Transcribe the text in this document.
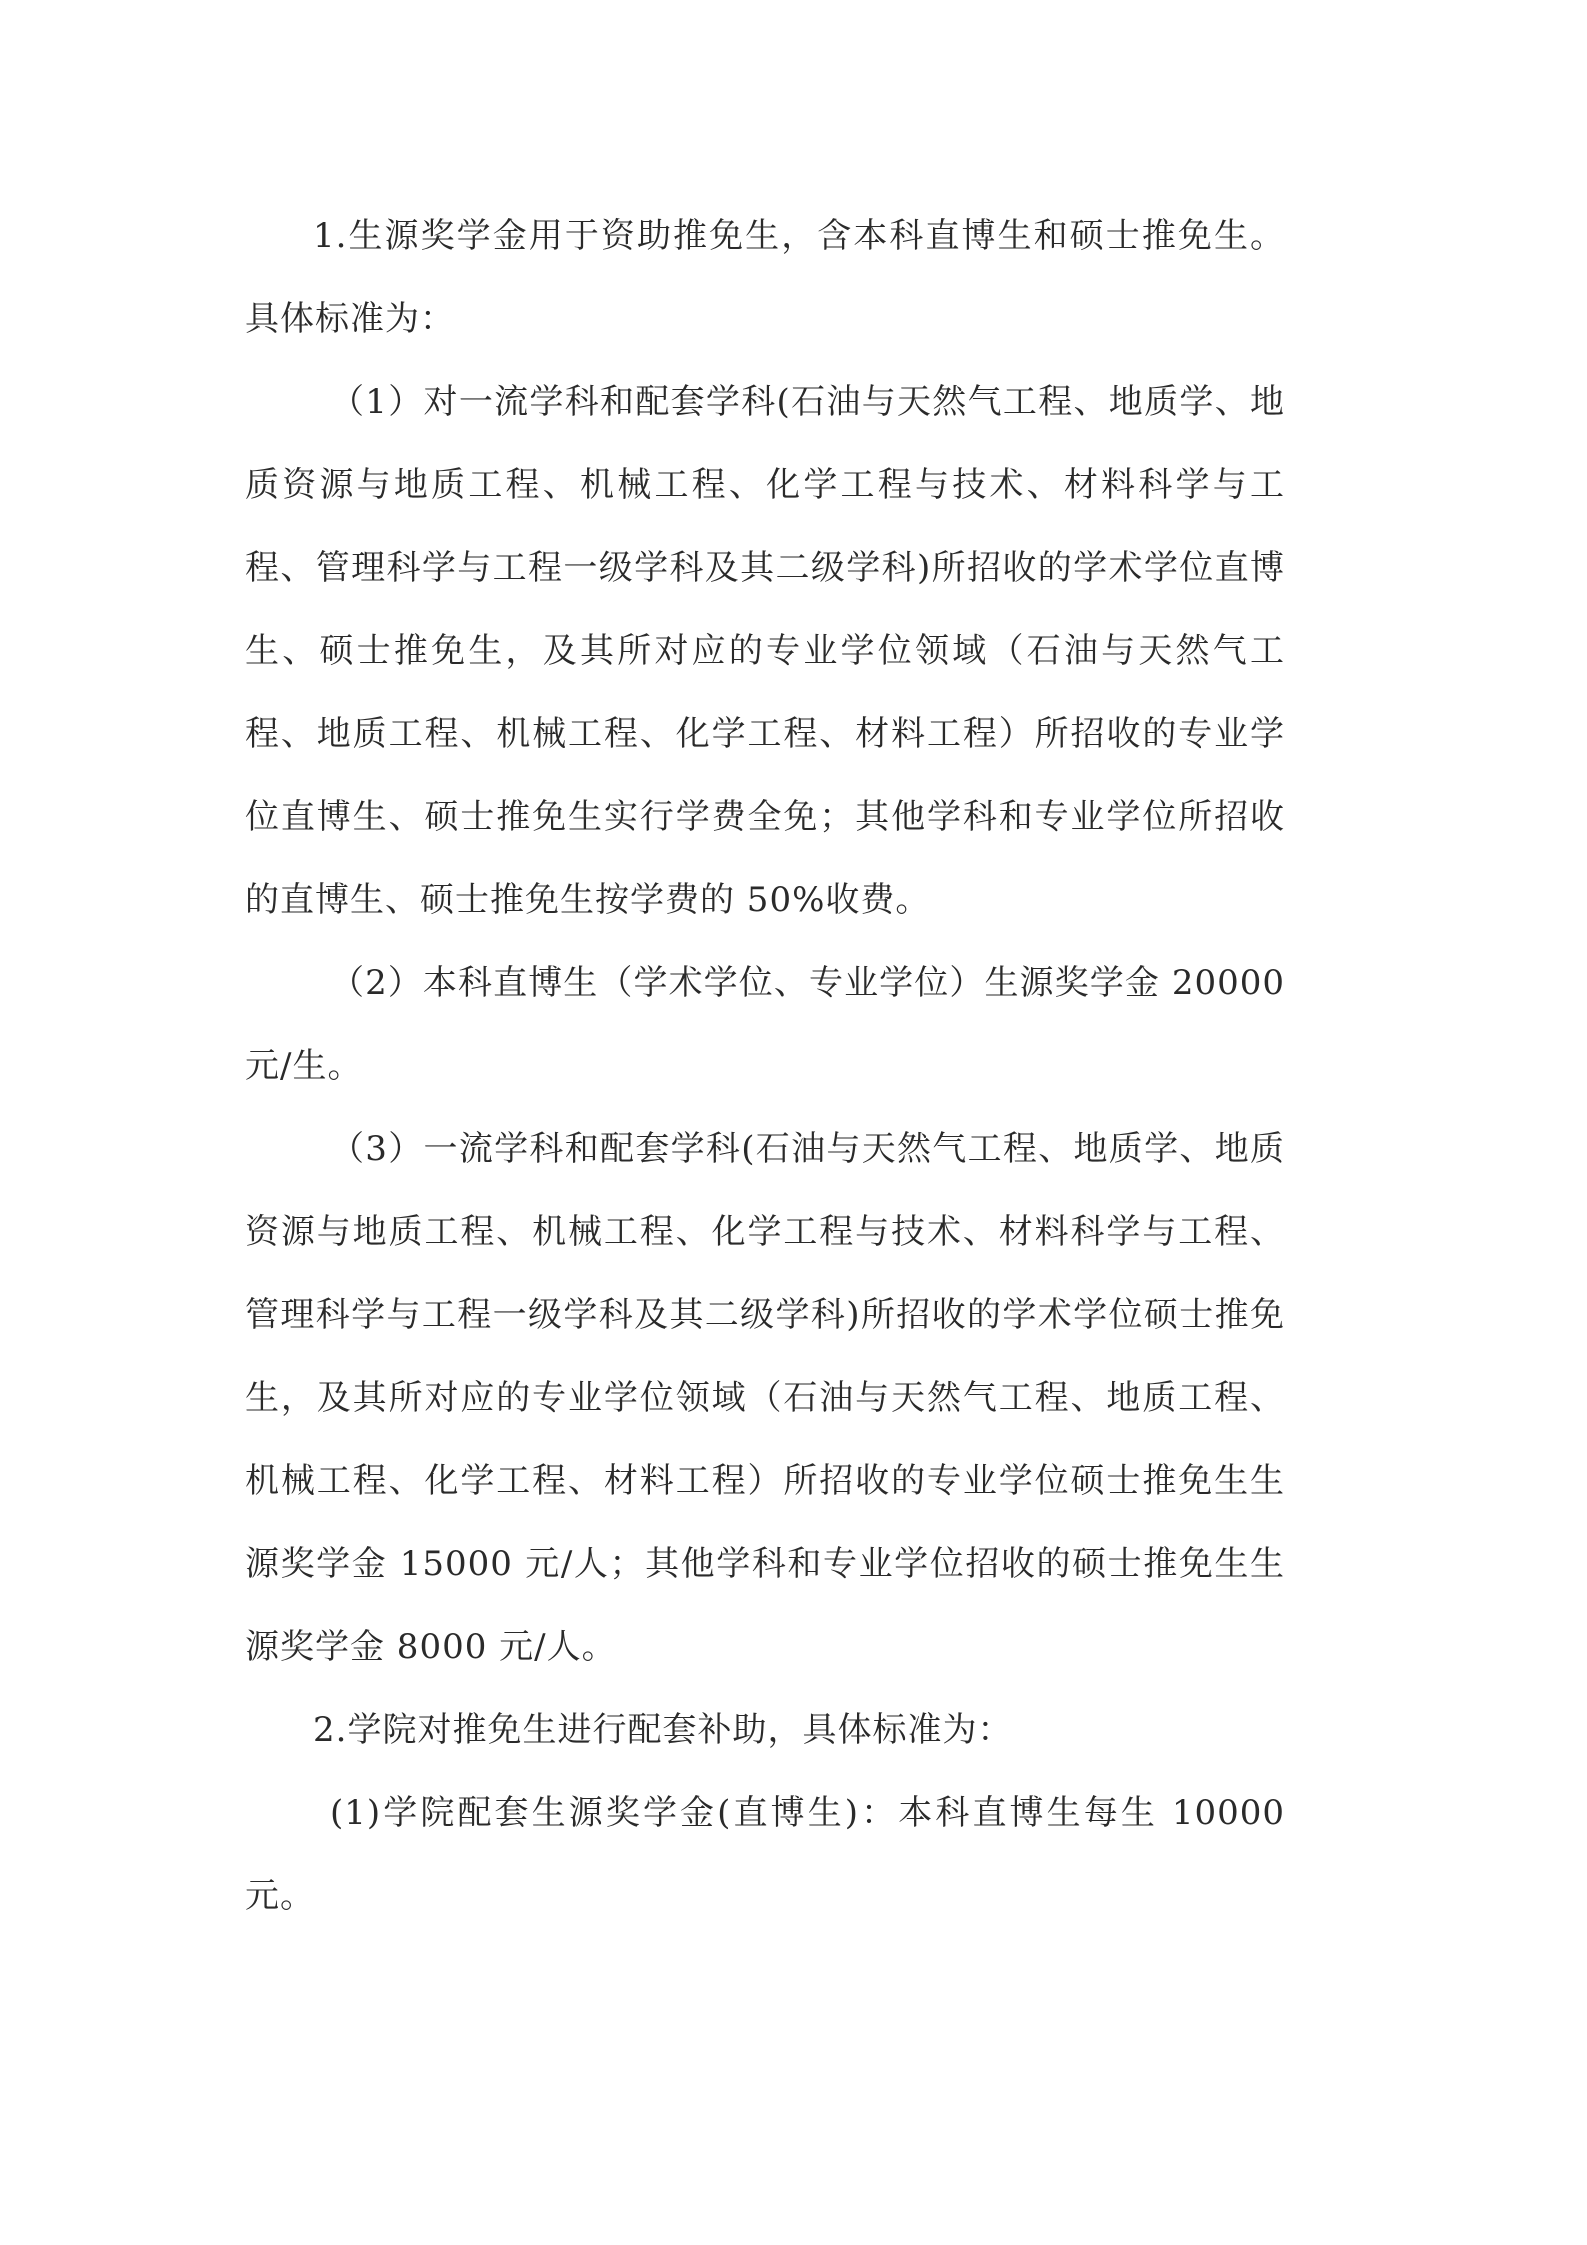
1.生源奖学金用于资助推免生，含本科直博生和硕士推免生。具体标准为：

（1）对一流学科和配套学科(石油与天然气工程、地质学、地质资源与地质工程、机械工程、化学工程与技术、材料科学与工程、管理科学与工程一级学科及其二级学科)所招收的学术学位直博生、硕士推免生，及其所对应的专业学位领域（石油与天然气工程、地质工程、机械工程、化学工程、材料工程）所招收的专业学位直博生、硕士推免生实行学费全免；其他学科和专业学位所招收的直博生、硕士推免生按学费的 50%收费。

（2）本科直博生（学术学位、专业学位）生源奖学金 20000 元/生。

（3）一流学科和配套学科(石油与天然气工程、地质学、地质资源与地质工程、机械工程、化学工程与技术、材料科学与工程、管理科学与工程一级学科及其二级学科)所招收的学术学位硕士推免生，及其所对应的专业学位领域（石油与天然气工程、地质工程、机械工程、化学工程、材料工程）所招收的专业学位硕士推免生生源奖学金 15000 元/人；其他学科和专业学位招收的硕士推免生生源奖学金 8000 元/人。

2.学院对推免生进行配套补助，具体标准为：

(1)学院配套生源奖学金(直博生)：本科直博生每生 10000 元。
